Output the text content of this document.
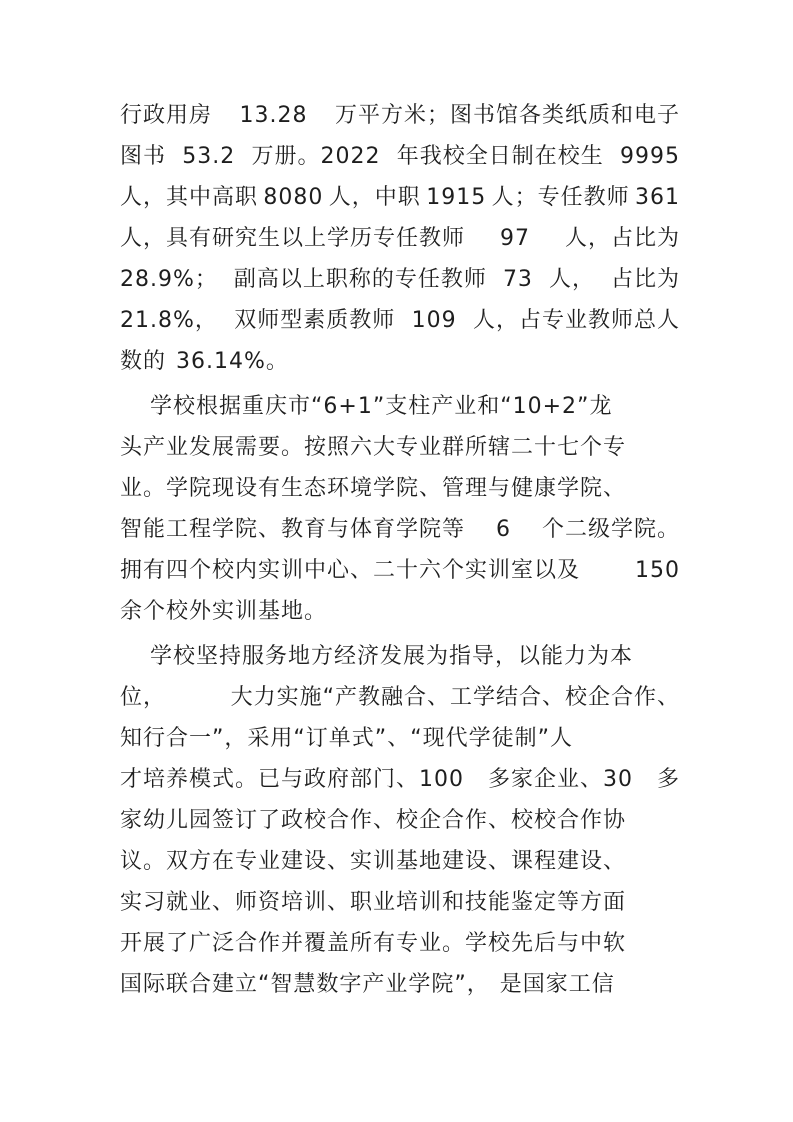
行政用房 13.28 万平方米；图书馆各类纸质和电子
图书 53.2 万册。2022 年我校全日制在校生 9995
人，其中高职 8080 人，中职 1915 人；专任教师 361
人，具有研究生以上学历专任教师 97 人，占比为
28.9%； 副高以上职称的专任教师 73 人， 占比为
21.8%， 双师型素质教师 109 人，占专业教师总人
数的 36.14%。
学校根据重庆市“6+1”支柱产业和“10+2”龙
头产业发展需要。按照六大专业群所辖二十七个专
业。学院现设有生态环境学院、管理与健康学院、
智能工程学院、教育与体育学院等 6 个二级学院。
拥有四个校内实训中心、二十六个实训室以及 150
余个校外实训基地。
学校坚持服务地方经济发展为指导，以能力为本
位，	大力实施“产教融合、工学结合、校企合作、
知行合一”，采用“订单式”、“现代学徒制”人
才培养模式。已与政府部门、100 多家企业、30 多
家幼儿园签订了政校合作、校企合作、校校合作协
议。双方在专业建设、实训基地建设、课程建设、
实习就业、师资培训、职业培训和技能鉴定等方面
开展了广泛合作并覆盖所有专业。学校先后与中软
国际联合建立“智慧数字产业学院”， 是国家工信
